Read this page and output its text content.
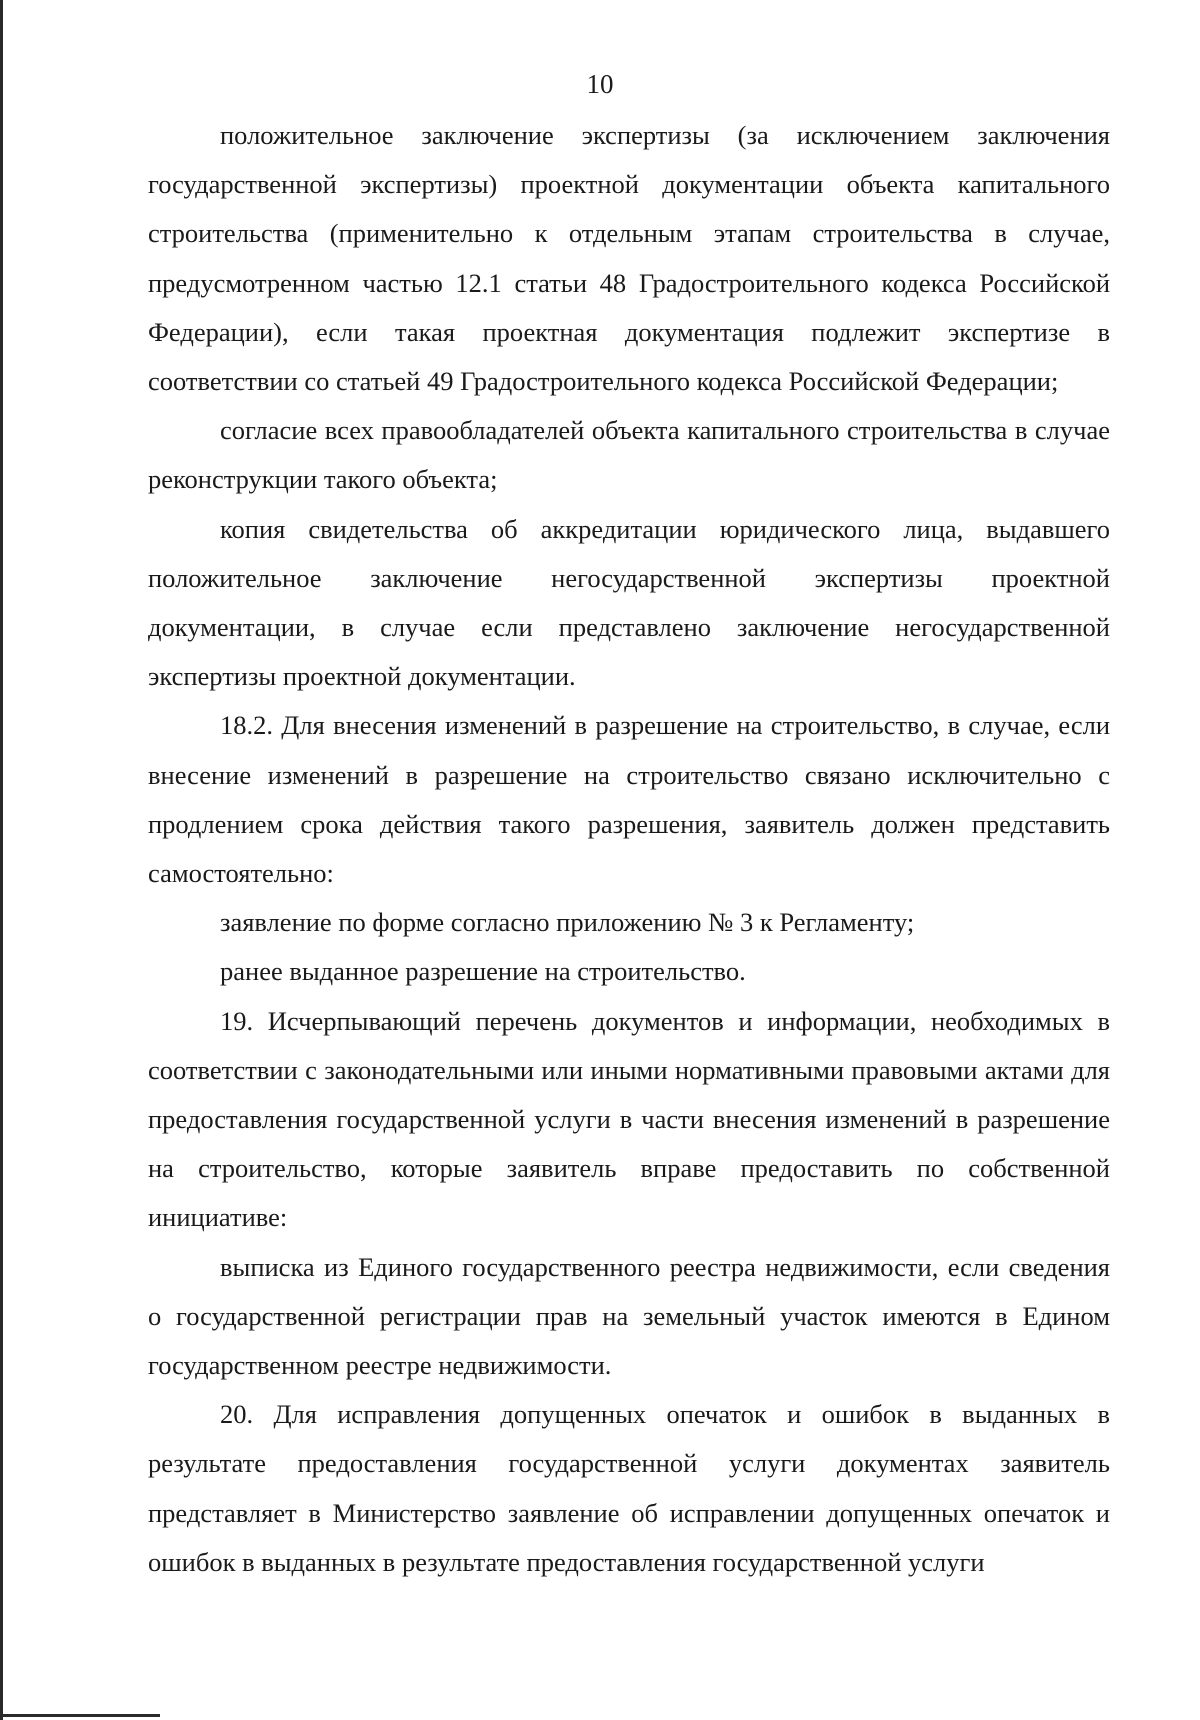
10

положительное заключение экспертизы (за исключением заключения государственной экспертизы) проектной документации объекта капитального строительства (применительно к отдельным этапам строительства в случае, предусмотренном частью 12.1 статьи 48 Градостроительного кодекса Российской Федерации), если такая проектная документация подлежит экспертизе в соответствии со статьей 49 Градостроительного кодекса Российской Федерации;

согласие всех правообладателей объекта капитального строительства в случае реконструкции такого объекта;

копия свидетельства об аккредитации юридического лица, выдавшего положительное заключение негосударственной экспертизы проектной документации, в случае если представлено заключение негосударственной экспертизы проектной документации.

18.2. Для внесения изменений в разрешение на строительство, в случае, если внесение изменений в разрешение на строительство связано исключительно с продлением срока действия такого разрешения, заявитель должен представить самостоятельно:

заявление по форме согласно приложению № 3 к Регламенту;

ранее выданное разрешение на строительство.

19. Исчерпывающий перечень документов и информации, необходимых в соответствии с законодательными или иными нормативными правовыми актами для предоставления государственной услуги в части внесения изменений в разрешение на строительство, которые заявитель вправе предоставить по собственной инициативе:

выписка из Единого государственного реестра недвижимости, если сведения о государственной регистрации прав на земельный участок имеются в Едином государственном реестре недвижимости.

20. Для исправления допущенных опечаток и ошибок в выданных в результате предоставления государственной услуги документах заявитель представляет в Министерство заявление об исправлении допущенных опечаток и ошибок в выданных в результате предоставления государственной услуги
